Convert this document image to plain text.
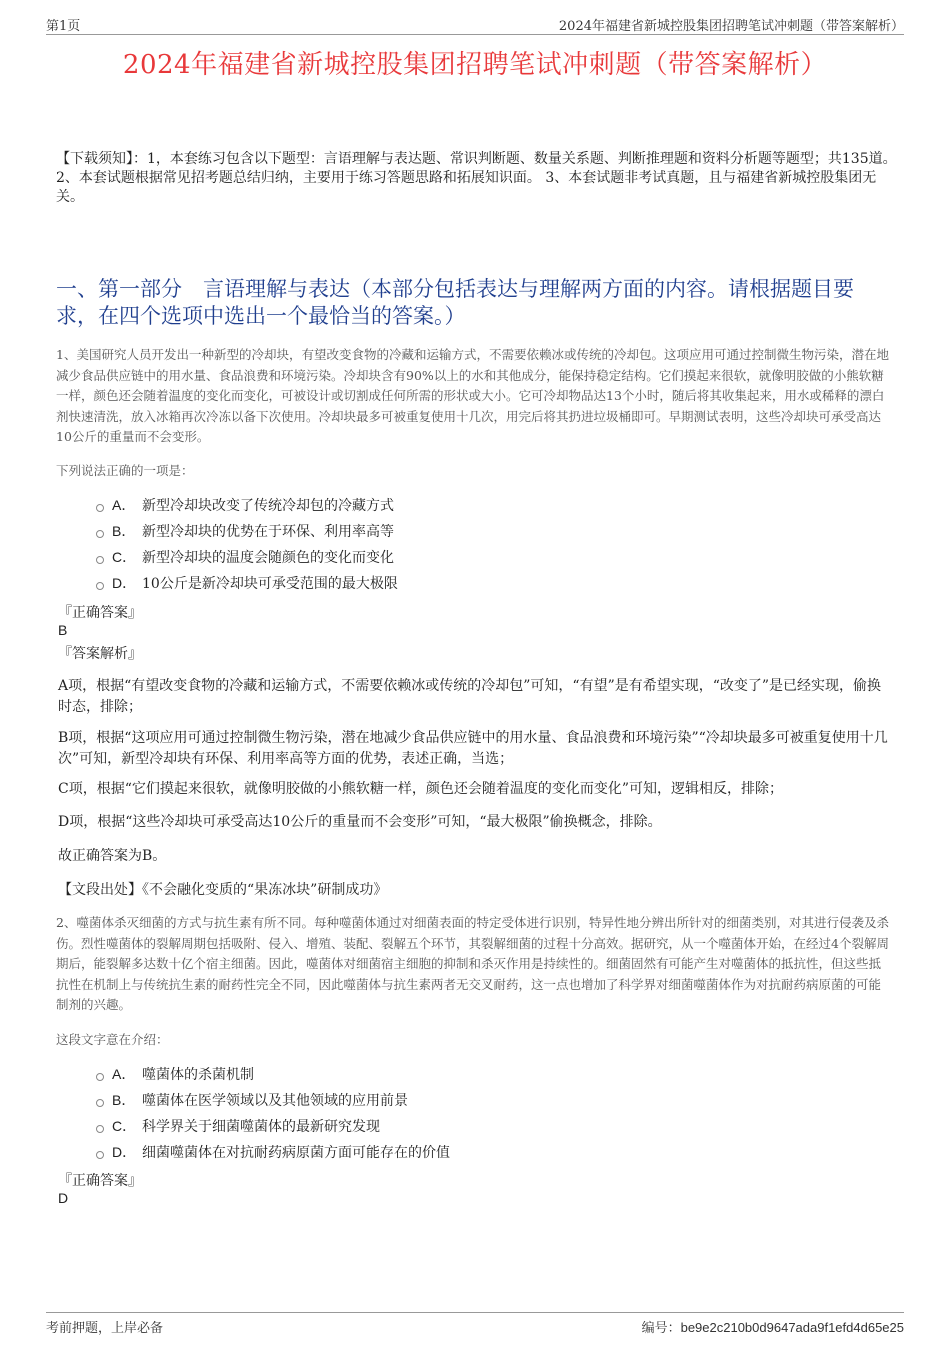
第1页	2024年福建省新城控股集团招聘笔试冲刺题（带答案解析）
2024年福建省新城控股集团招聘笔试冲刺题（带答案解析）
【下载须知】：1，本套练习包含以下题型：言语理解与表达题、常识判断题、数量关系题、判断推理题和资料分析题等题型；共135道。 2、本套试题根据常见招考题总结归纳，主要用于练习答题思路和拓展知识面。 3、本套试题非考试真题，且与福建省新城控股集团无关。
一、第一部分　言语理解与表达（本部分包括表达与理解两方面的内容。请根据题目要求，在四个选项中选出一个最恰当的答案。）
1、美国研究人员开发出一种新型的冷却块，有望改变食物的冷藏和运输方式，不需要依赖冰或传统的冷却包。这项应用可通过控制微生物污染，潜在地减少食品供应链中的用水量、食品浪费和环境污染。冷却块含有90%以上的水和其他成分，能保持稳定结构。它们摸起来很软，就像明胶做的小熊软糖一样，颜色还会随着温度的变化而变化，可被设计或切割成任何所需的形状或大小。它可冷却物品达13个小时，随后将其收集起来，用水或稀释的漂白剂快速清洗，放入冰箱再次冷冻以备下次使用。冷却块最多可被重复使用十几次，用完后将其扔进垃圾桶即可。早期测试表明，这些冷却块可承受高达10公斤的重量而不会变形。
下列说法正确的一项是：
A． 新型冷却块改变了传统冷却包的冷藏方式
B． 新型冷却块的优势在于环保、利用率高等
C． 新型冷却块的温度会随颜色的变化而变化
D． 10公斤是新冷却块可承受范围的最大极限
『正确答案』
B
『答案解析』
A项，根据“有望改变食物的冷藏和运输方式，不需要依赖冰或传统的冷却包”可知，“有望”是有希望实现，“改变了”是已经实现，偷换时态，排除；
B项，根据“这项应用可通过控制微生物污染，潜在地减少食品供应链中的用水量、食品浪费和环境污染”“冷却块最多可被重复使用十几次”可知，新型冷却块有环保、利用率高等方面的优势，表述正确，当选；
C项，根据“它们摸起来很软，就像明胶做的小熊软糖一样，颜色还会随着温度的变化而变化”可知，逻辑相反，排除；
D项，根据“这些冷却块可承受高达10公斤的重量而不会变形”可知，“最大极限”偷换概念，排除。
故正确答案为B。
【文段出处】《不会融化变质的“果冻冰块”研制成功》
2、噬菌体杀灭细菌的方式与抗生素有所不同。每种噬菌体通过对细菌表面的特定受体进行识别，特异性地分辨出所针对的细菌类别，对其进行侵袭及杀伤。烈性噬菌体的裂解周期包括吸附、侵入、增殖、装配、裂解五个环节，其裂解细菌的过程十分高效。据研究，从一个噬菌体开始，在经过4个裂解周期后，能裂解多达数十亿个宿主细菌。因此，噬菌体对细菌宿主细胞的抑制和杀灭作用是持续性的。细菌固然有可能产生对噬菌体的抵抗性，但这些抵抗性在机制上与传统抗生素的耐药性完全不同，因此噬菌体与抗生素两者无交叉耐药，这一点也增加了科学界对细菌噬菌体作为对抗耐药病原菌的可能制剂的兴趣。
这段文字意在介绍：
A． 噬菌体的杀菌机制
B． 噬菌体在医学领域以及其他领域的应用前景
C． 科学界关于细菌噬菌体的最新研究发现
D． 细菌噬菌体在对抗耐药病原菌方面可能存在的价值
『正确答案』
D
考前押题，上岸必备	编号：be9e2c210b0d9647ada9f1efd4d65e25
